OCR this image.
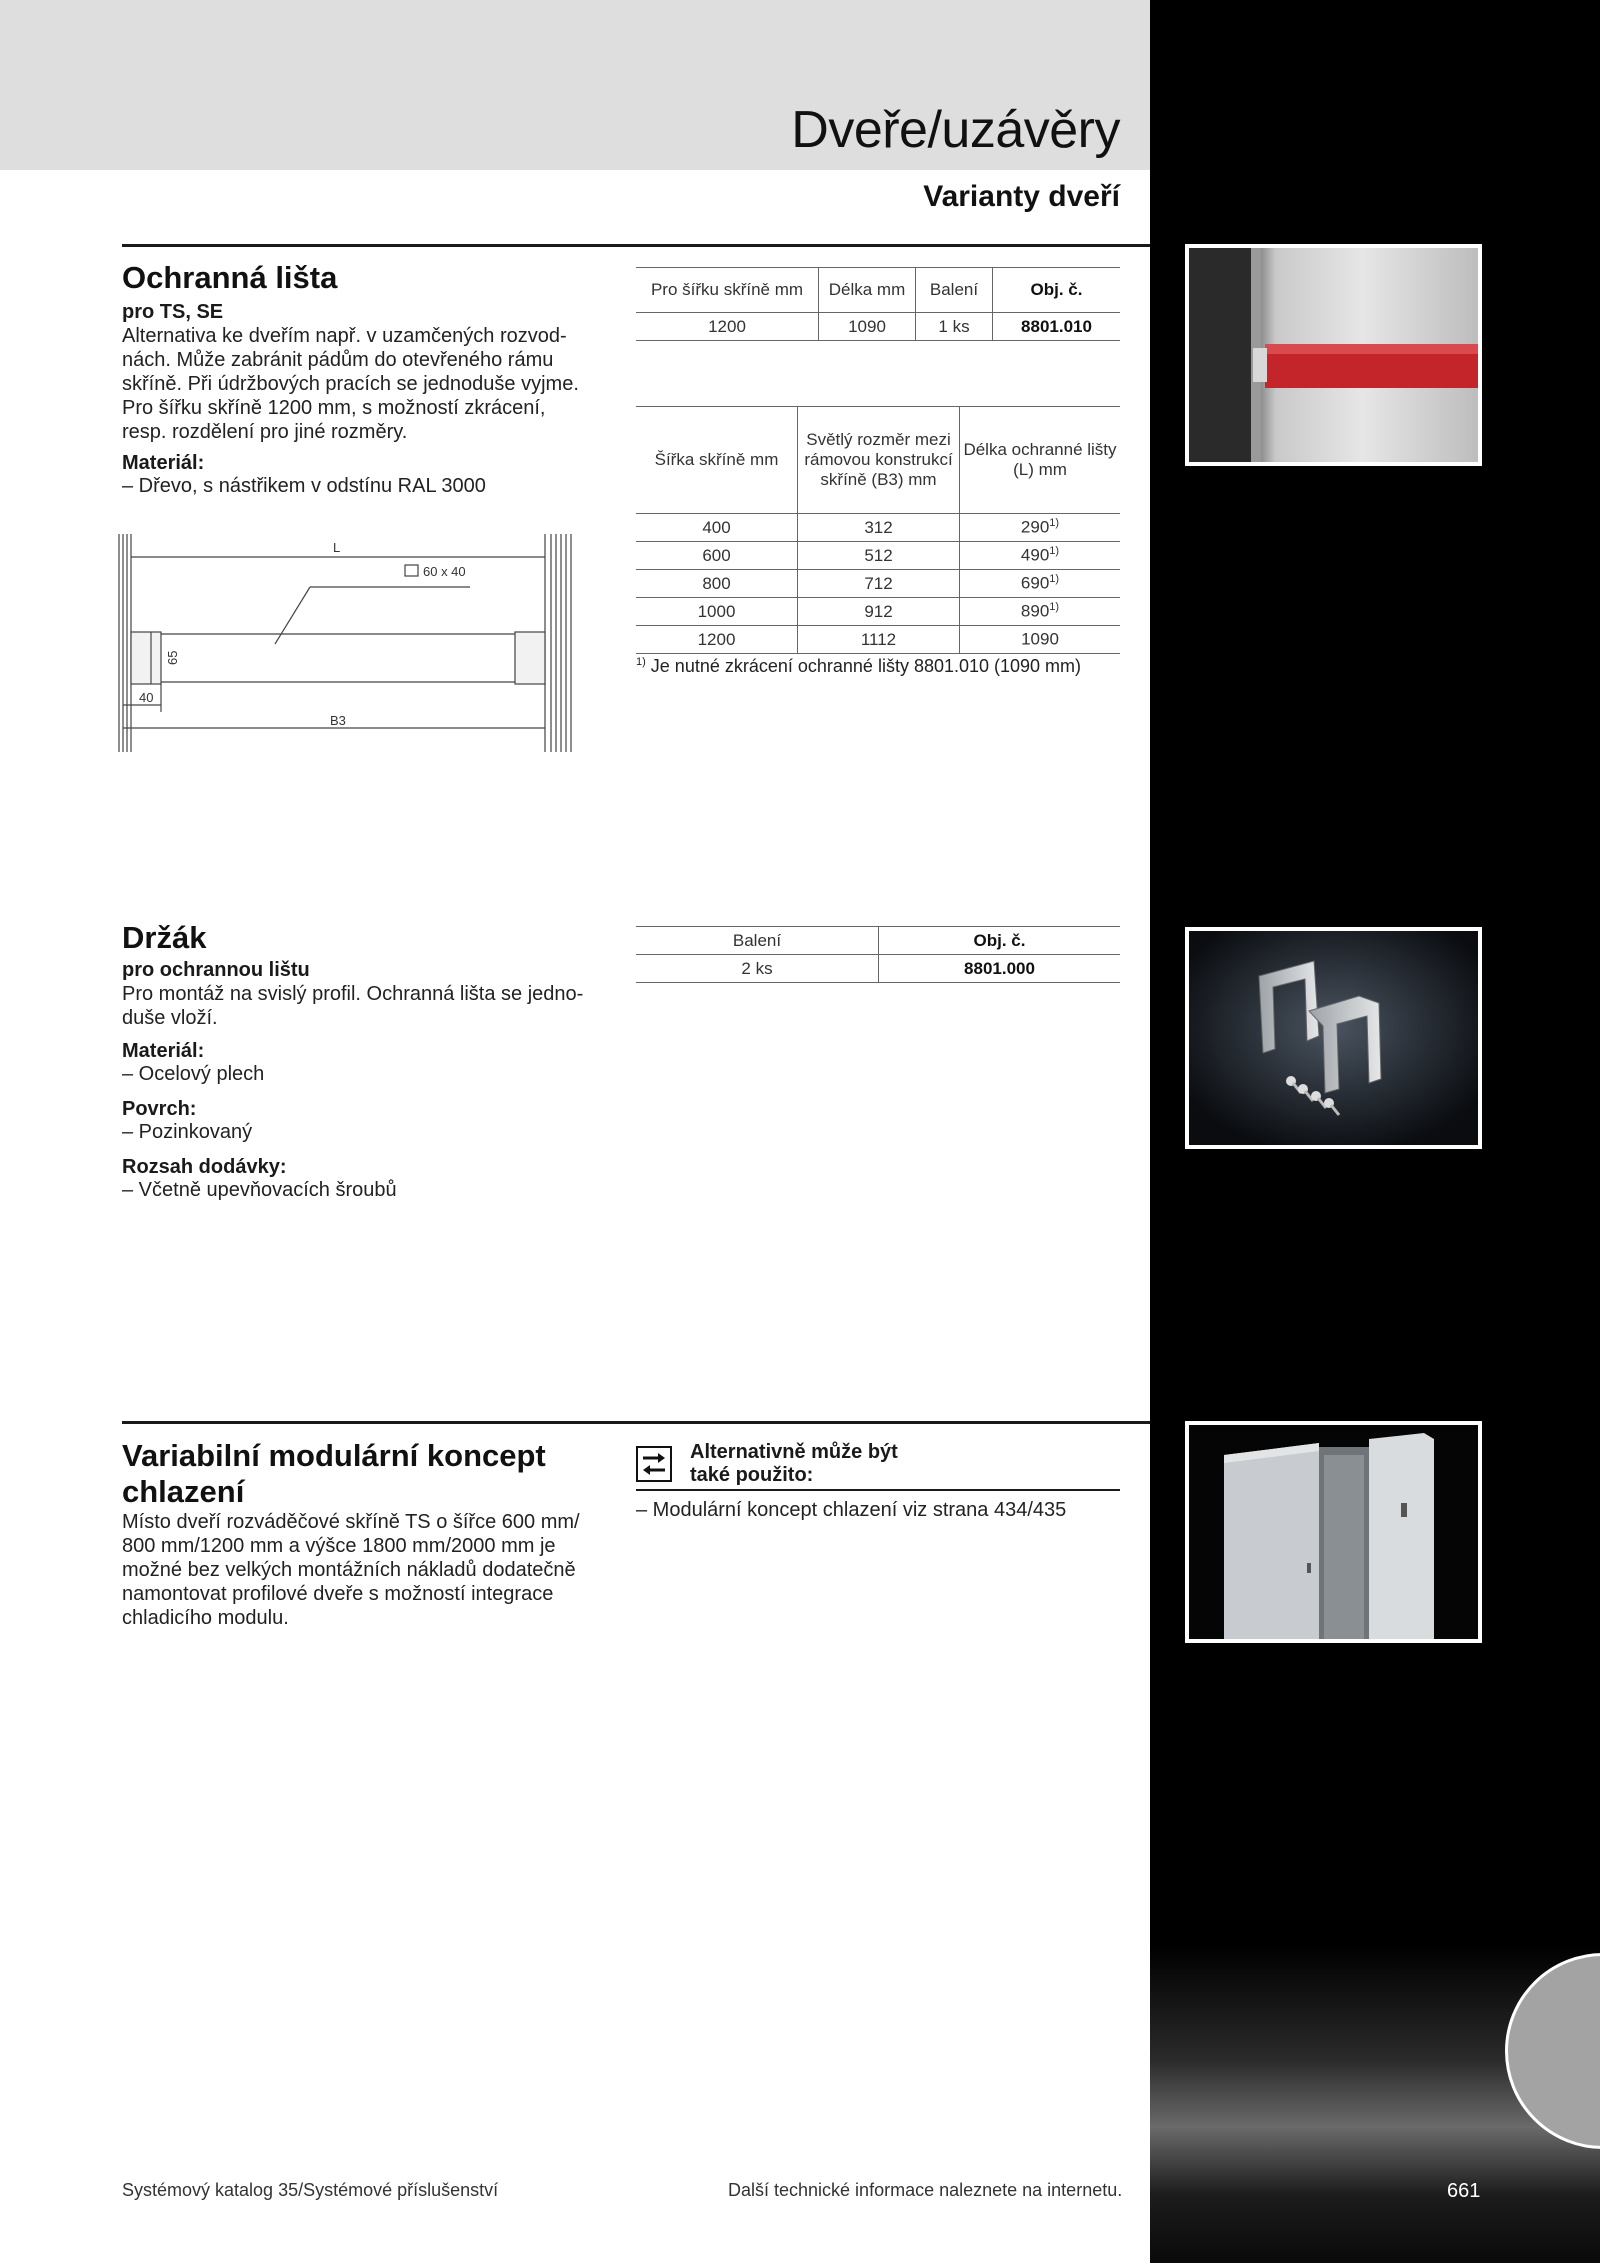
Dveře/uzávěry
Varianty dveří
Ochranná lišta
pro TS, SE
Alternativa ke dveřím např. v uzamčených rozvod-
nách. Může zabránit pádům do otevřeného rámu
skříně. Při údržbových pracích se jednoduše vyjme.
Pro šířku skříně 1200 mm, s možností zkrácení,
resp. rozdělení pro jiné rozměry.
Materiál:
– Dřevo, s nástřikem v odstínu RAL 3000
L
60 x 40
65
40
B3
Pro šířku skříně mm	Délka mm	Balení	Obj. č.
1200	1090	1 ks	8801.010
Šířka skříně mm	Světlý rozměr mezi rámovou konstrukcí skříně (B3) mm	Délka ochranné lišty (L) mm
400	312	290$^{1)}$
600	512	490$^{1)}$
800	712	690$^{1)}$
1000	912	890$^{1)}$
1200	1112	1090
$^{1)}$ Je nutné zkrácení ochranné lišty 8801.010 (1090 mm)
Držák
pro ochrannou lištu
Pro montáž na svislý profil. Ochranná lišta se jedno-
duše vloží.
Materiál:
– Ocelový plech
Povrch:
– Pozinkovaný
Rozsah dodávky:
– Včetně upevňovacích šroubů
Balení	Obj. č.
2 ks	8801.000
Variabilní modulární koncept
chlazení
Místo dveří rozváděčové skříně TS o šířce 600 mm/
800 mm/1200 mm a výšce 1800 mm/2000 mm je
možné bez velkých montážních nákladů dodatečně
namontovat profilové dveře s možností integrace
chladicího modulu.
Alternativně může být
také použito:
– Modulární koncept chlazení viz strana 434/435
Systémový katalog 35/Systémové příslušenství	Další technické informace naleznete na internetu.	661
